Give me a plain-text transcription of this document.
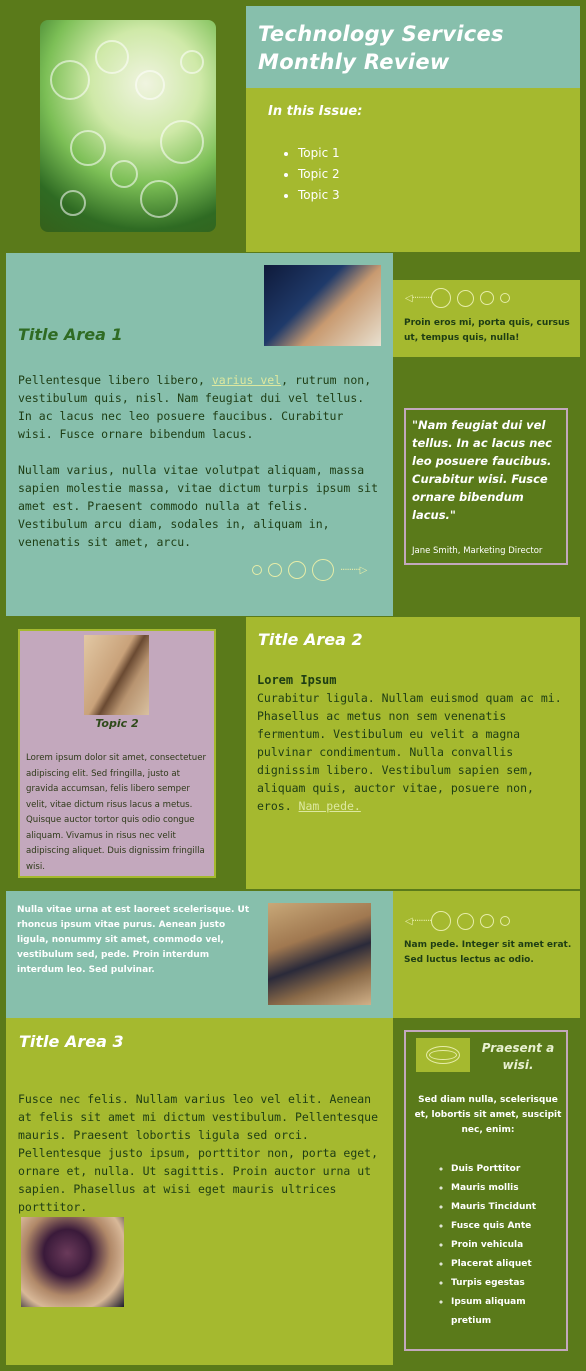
Technology Services
Monthly Review
In this Issue:
• Topic 1
• Topic 2
• Topic 3
Title Area 1

Pellentesque libero libero, varius vel, rutrum non, vestibulum quis, nisl. Nam feugiat dui vel tellus. In ac lacus nec leo posuere faucibus. Curabitur wisi. Fusce ornare bibendum lacus.

Nullam varius, nulla vitae volutpat aliquam, massa sapien molestie massa, vitae dictum turpis ipsum sit amet est. Praesent commodo nulla at felis. Vestibulum arcu diam, sodales in, aliquam in, venenatis sit amet, arcu.

·········▷
◁·········

Proin eros mi, porta quis, cursus ut, tempus quis, nulla!

"Nam feugiat dui vel tellus. In ac lacus nec leo posuere faucibus. Curabitur wisi. Fusce ornare bibendum lacus."

Jane Smith, Marketing Director

Topic 2

Lorem ipsum dolor sit amet, consectetuer adipiscing elit. Sed fringilla, justo at gravida accumsan, felis libero semper velit, vitae dictum risus lacus a metus. Quisque auctor tortor quis odio congue aliquam. Vivamus in risus nec velit adipiscing aliquet. Duis dignissim fringilla wisi.

Title Area 2

Lorem Ipsum

Curabitur ligula. Nullam euismod quam ac mi. Phasellus ac metus non sem venenatis fermentum. Vestibulum eu velit a magna pulvinar condimentum. Nulla convallis dignissim libero. Vestibulum sapien sem, aliquam quis, auctor vitae, posuere non, eros. Nam pede.

Nulla vitae urna at est laoreet scelerisque. Ut rhoncus ipsum vitae purus. Aenean justo ligula, nonummy sit amet, commodo vel, vestibulum sed, pede. Proin interdum interdum leo. Sed pulvinar.

◁·········

Nam pede. Integer sit amet erat. Sed luctus lectus ac odio.

Title Area 3

Fusce nec felis. Nullam varius leo vel elit. Aenean at felis sit amet mi dictum vestibulum. Pellentesque mauris. Praesent lobortis ligula sed orci. Pellentesque justo ipsum, porttitor non, porta eget, ornare et, nulla. Ut sagittis. Proin auctor urna ut sapien. Phasellus at wisi eget mauris ultrices porttitor.

Praesent a wisi.

Sed diam nulla, scelerisque et, lobortis sit amet, suscipit nec, enim:

◦ Duis Porttitor
◦ Mauris mollis
◦ Mauris Tincidunt
◦ Fusce quis Ante
◦ Proin vehicula
◦ Placerat aliquet
◦ Turpis egestas
◦ Ipsum aliquam pretium
